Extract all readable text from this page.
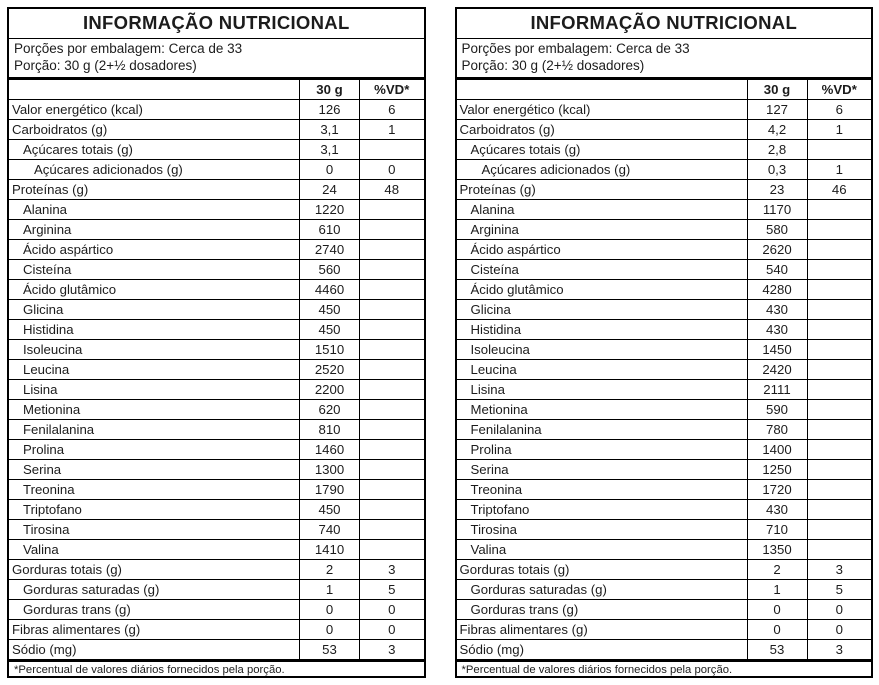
INFORMAÇÃO NUTRICIONAL
Porções por embalagem: Cerca de 33
Porção: 30 g (2+½ dosadores)
	30 g	%VD*
Valor energético (kcal)	126	6
Carboidratos (g)	3,1	1
Açúcares totais (g)	3,1	
Açúcares adicionados (g)	0	0
Proteínas (g)	24	48
Alanina	1220	
Arginina	610	
Ácido aspártico	2740	
Cisteína	560	
Ácido glutâmico	4460	
Glicina	450	
Histidina	450	
Isoleucina	1510	
Leucina	2520	
Lisina	2200	
Metionina	620	
Fenilalanina	810	
Prolina	1460	
Serina	1300	
Treonina	1790	
Triptofano	450	
Tirosina	740	
Valina	1410	
Gorduras totais (g)	2	3
Gorduras saturadas (g)	1	5
Gorduras trans (g)	0	0
Fibras alimentares (g)	0	0
Sódio (mg)	53	3
*Percentual de valores diários fornecidos pela porção.
INFORMAÇÃO NUTRICIONAL
Porções por embalagem: Cerca de 33
Porção: 30 g (2+½ dosadores)
	30 g	%VD*
Valor energético (kcal)	127	6
Carboidratos (g)	4,2	1
Açúcares totais (g)	2,8	
Açúcares adicionados (g)	0,3	1
Proteínas (g)	23	46
Alanina	1170	
Arginina	580	
Ácido aspártico	2620	
Cisteína	540	
Ácido glutâmico	4280	
Glicina	430	
Histidina	430	
Isoleucina	1450	
Leucina	2420	
Lisina	2111	
Metionina	590	
Fenilalanina	780	
Prolina	1400	
Serina	1250	
Treonina	1720	
Triptofano	430	
Tirosina	710	
Valina	1350	
Gorduras totais (g)	2	3
Gorduras saturadas (g)	1	5
Gorduras trans (g)	0	0
Fibras alimentares (g)	0	0
Sódio (mg)	53	3
*Percentual de valores diários fornecidos pela porção.
